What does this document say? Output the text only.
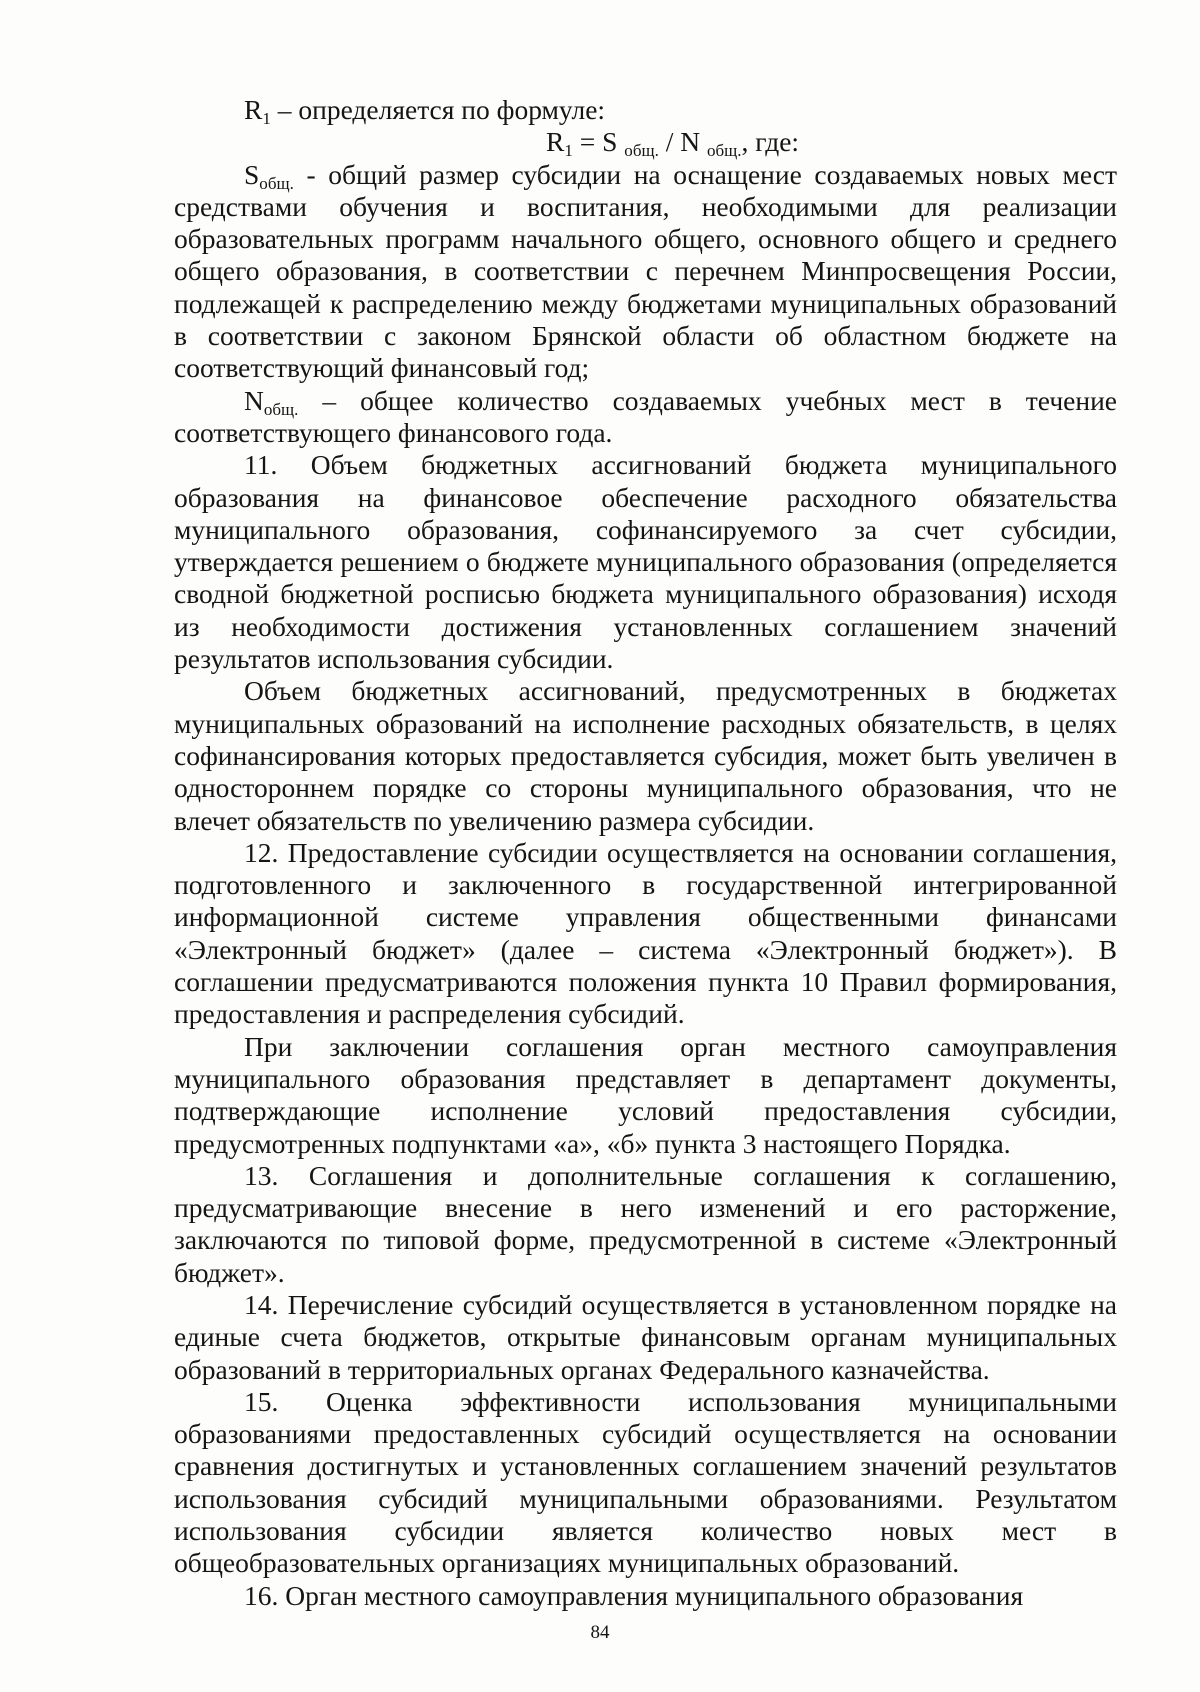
$R_1$ – определяется по формуле:

$R_1 = S$ $_{общ.}$ / N $_{общ.}$, где:

$S_{общ.}$ - общий размер субсидии на оснащение создаваемых новых мест средствами обучения и воспитания, необходимыми для реализации образовательных программ начального общего, основного общего и среднего общего образования, в соответствии с перечнем Минпросвещения России, подлежащей к распределению между бюджетами муниципальных образований в соответствии с законом Брянской области об областном бюджете на соответствующий финансовый год;

$N_{общ.}$ – общее количество создаваемых учебных мест в течение соответствующего финансового года.

11. Объем бюджетных ассигнований бюджета муниципального образования на финансовое обеспечение расходного обязательства муниципального образования, софинансируемого за счет субсидии, утверждается решением о бюджете муниципального образования (определяется сводной бюджетной росписью бюджета муниципального образования) исходя из необходимости достижения установленных соглашением значений результатов использования субсидии.

Объем бюджетных ассигнований, предусмотренных в бюджетах муниципальных образований на исполнение расходных обязательств, в целях софинансирования которых предоставляется субсидия, может быть увеличен в одностороннем порядке со стороны муниципального образования, что не влечет обязательств по увеличению размера субсидии.

12. Предоставление субсидии осуществляется на основании соглашения, подготовленного и заключенного в государственной интегрированной информационной системе управления общественными финансами «Электронный бюджет» (далее – система «Электронный бюджет»). В соглашении предусматриваются положения пункта 10 Правил формирования, предоставления и распределения субсидий.

При заключении соглашения орган местного самоуправления муниципального образования представляет в департамент документы, подтверждающие исполнение условий предоставления субсидии, предусмотренных подпунктами «а», «б» пункта 3 настоящего Порядка.

13. Соглашения и дополнительные соглашения к соглашению, предусматривающие внесение в него изменений и его расторжение, заключаются по типовой форме, предусмотренной в системе «Электронный бюджет».

14. Перечисление субсидий осуществляется в установленном порядке на единые счета бюджетов, открытые финансовым органам муниципальных образований в территориальных органах Федерального казначейства.

15. Оценка эффективности использования муниципальными образованиями предоставленных субсидий осуществляется на основании сравнения достигнутых и установленных соглашением значений результатов использования субсидий муниципальными образованиями. Результатом использования субсидии является количество новых мест в общеобразовательных организациях муниципальных образований.

16. Орган местного самоуправления муниципального образования

84
